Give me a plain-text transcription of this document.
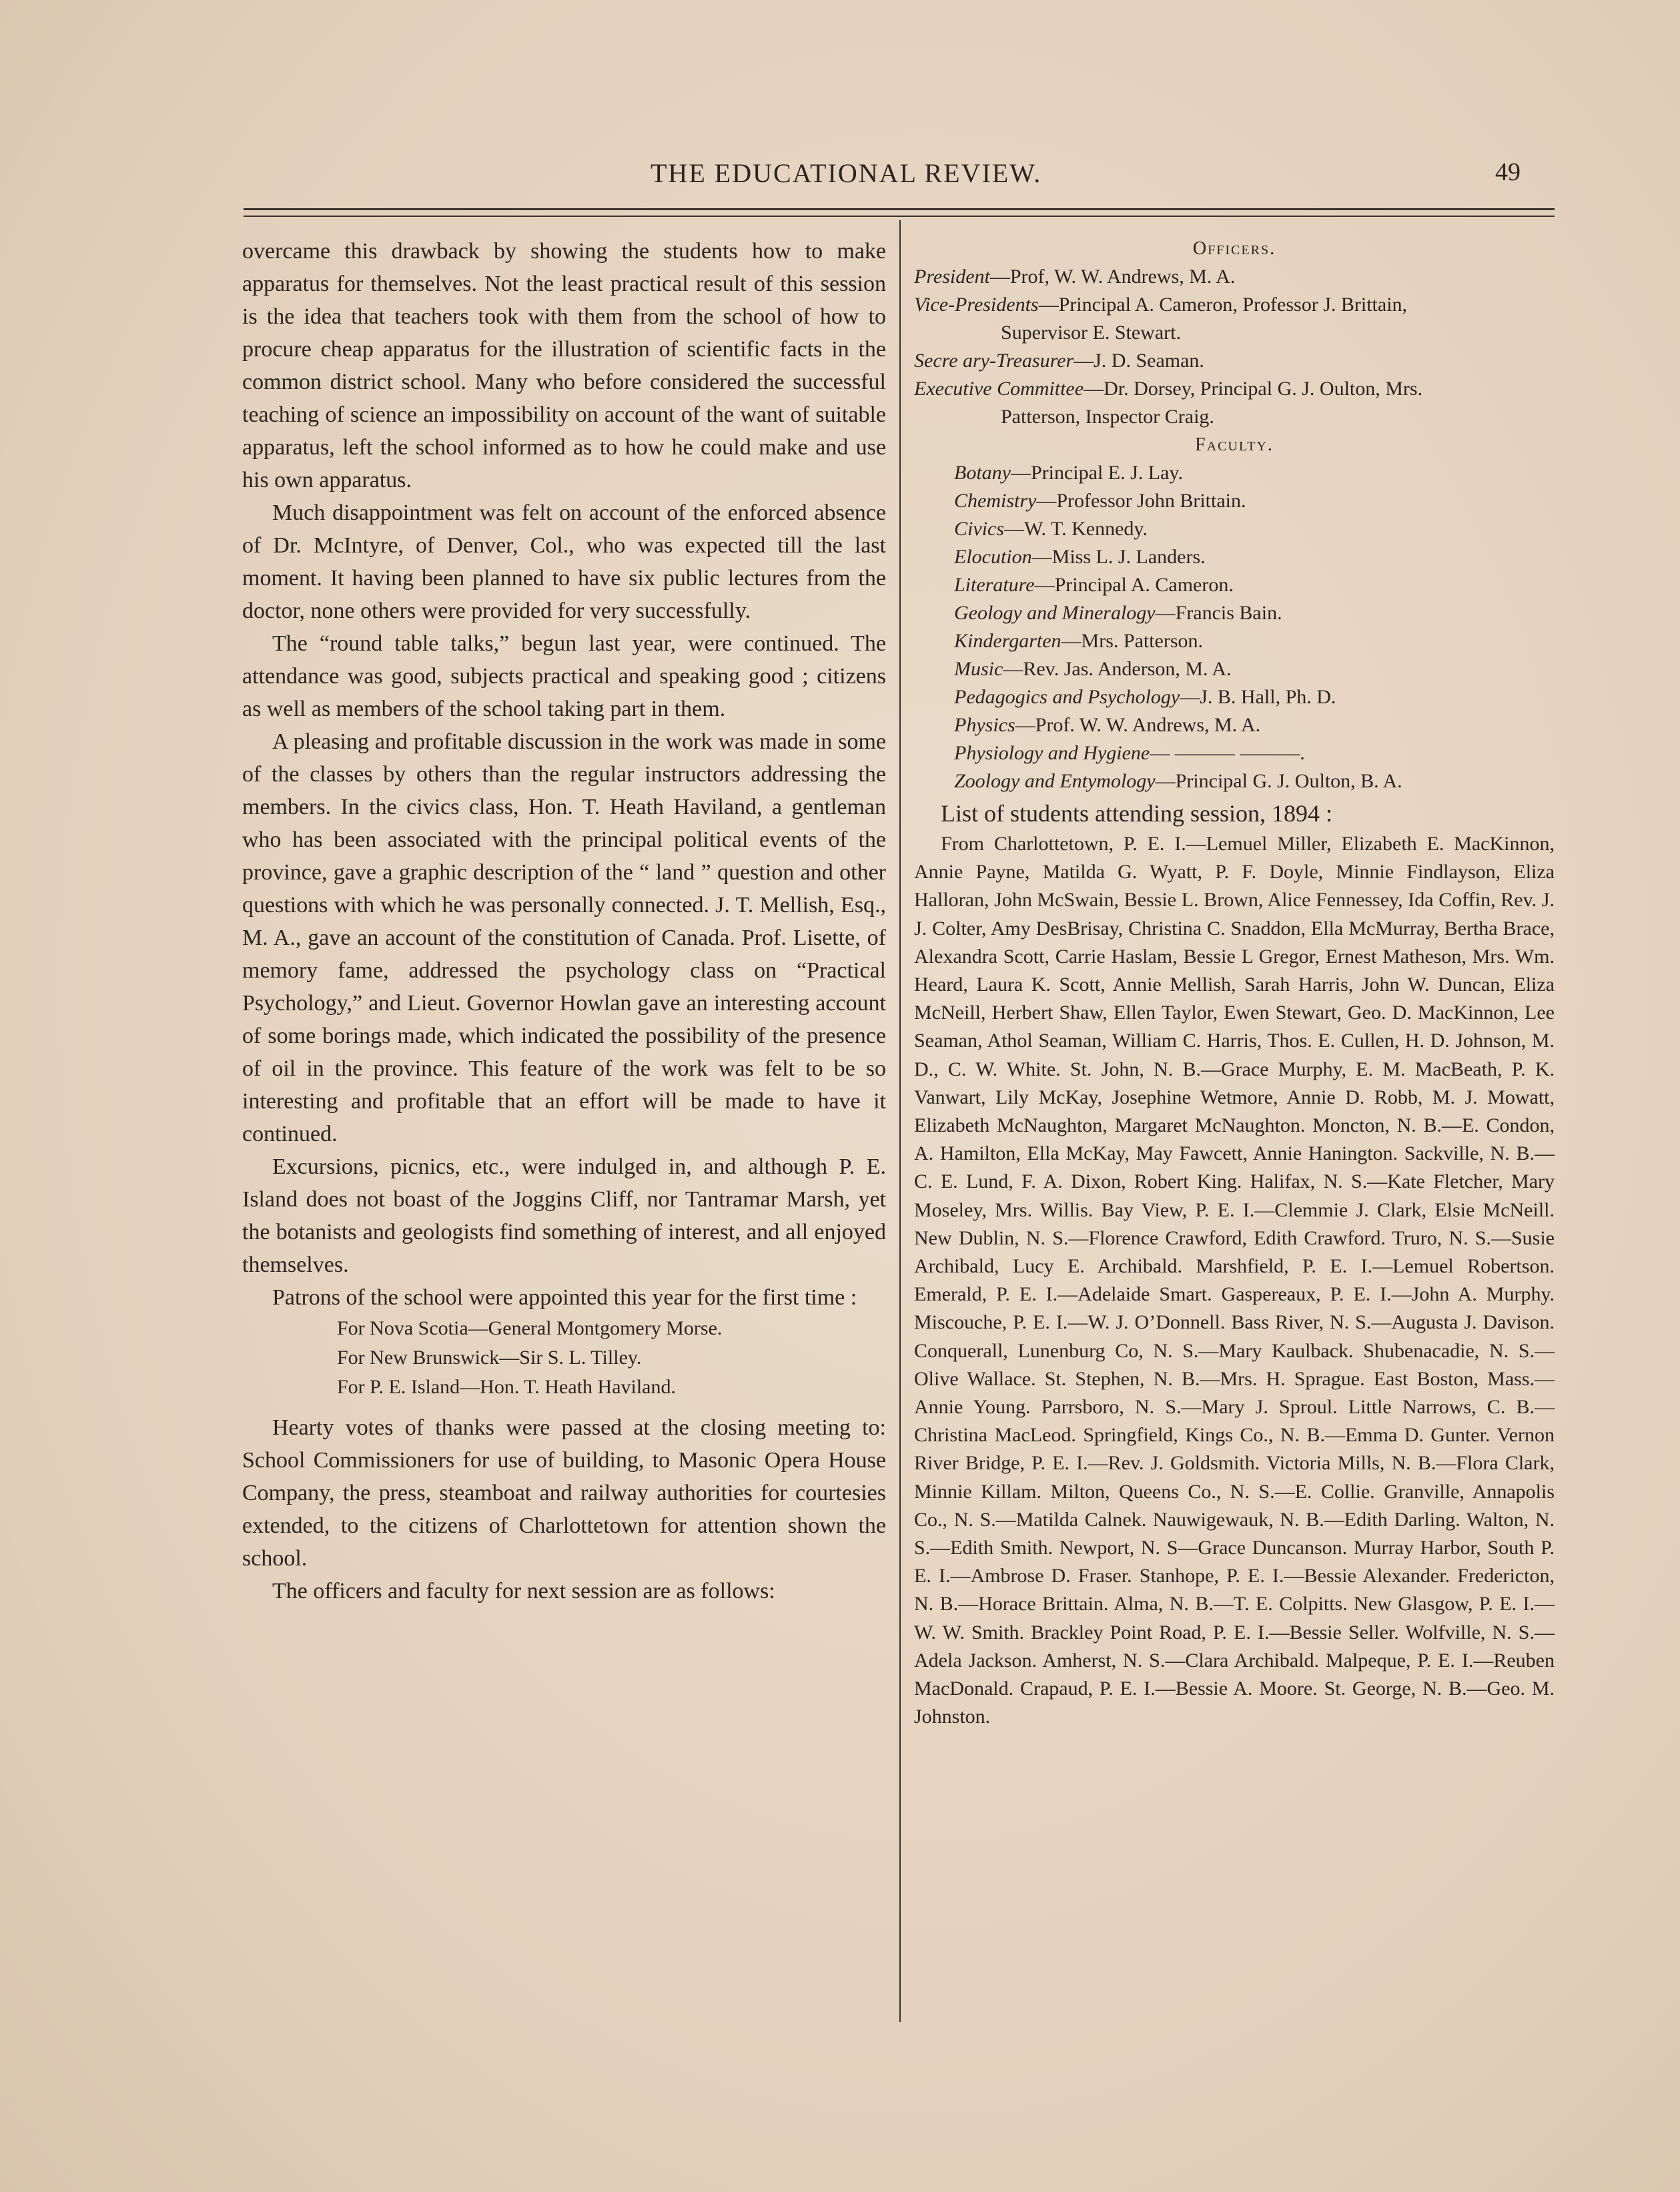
THE EDUCATIONAL REVIEW.	49

overcame this drawback by showing the students how to make apparatus for themselves. Not the least practical result of this session is the idea that teachers took with them from the school of how to procure cheap apparatus for the illustration of scientific facts in the common district school. Many who before considered the successful teaching of science an impossibility on account of the want of suitable apparatus, left the school informed as to how he could make and use his own apparatus.

Much disappointment was felt on account of the enforced absence of Dr. McIntyre, of Denver, Col., who was expected till the last moment. It having been planned to have six public lectures from the doctor, none others were provided for very successfully.

The “round table talks,” begun last year, were continued. The attendance was good, subjects practical and speaking good ; citizens as well as members of the school taking part in them.

A pleasing and profitable discussion in the work was made in some of the classes by others than the regular instructors addressing the members. In the civics class, Hon. T. Heath Haviland, a gentleman who has been associated with the principal political events of the province, gave a graphic description of the “ land ” question and other questions with which he was personally connected. J. T. Mellish, Esq., M. A., gave an account of the constitution of Canada. Prof. Lisette, of memory fame, addressed the psychology class on “Practical Psychology,” and Lieut. Governor Howlan gave an interesting account of some borings made, which indicated the possibility of the presence of oil in the province. This feature of the work was felt to be so interesting and profitable that an effort will be made to have it continued.

Excursions, picnics, etc., were indulged in, and although P. E. Island does not boast of the Joggins Cliff, nor Tantramar Marsh, yet the botanists and geologists find something of interest, and all enjoyed themselves.

Patrons of the school were appointed this year for the first time :

For Nova Scotia—General Montgomery Morse.
For New Brunswick—Sir S. L. Tilley.
For P. E. Island—Hon. T. Heath Haviland.

Hearty votes of thanks were passed at the closing meeting to: School Commissioners for use of building, to Masonic Opera House Company, the press, steamboat and railway authorities for courtesies extended, to the citizens of Charlottetown for attention shown the school.

The officers and faculty for next session are as follows:

Officers.
President—Prof, W. W. Andrews, M. A.
Vice-Presidents—Principal A. Cameron, Professor J. Brittain,
Supervisor E. Stewart.
Secre ary-Treasurer—J. D. Seaman.
Executive Committee—Dr. Dorsey, Principal G. J. Oulton, Mrs.
Patterson, Inspector Craig.
Faculty.
Botany—Principal E. J. Lay.
Chemistry—Professor John Brittain.
Civics—W. T. Kennedy.
Elocution—Miss L. J. Landers.
Literature—Principal A. Cameron.
Geology and Mineralogy—Francis Bain.
Kindergarten—Mrs. Patterson.
Music—Rev. Jas. Anderson, M. A.
Pedagogics and Psychology—J. B. Hall, Ph. D.
Physics—Prof. W. W. Andrews, M. A.
Physiology and Hygiene— ——— ———.
Zoology and Entymology—Principal G. J. Oulton, B. A.
List of students attending session, 1894 :

From Charlottetown, P. E. I.—Lemuel Miller, Elizabeth E. MacKinnon, Annie Payne, Matilda G. Wyatt, P. F. Doyle, Minnie Findlayson, Eliza Halloran, John McSwain, Bessie L. Brown, Alice Fennessey, Ida Coffin, Rev. J. J. Colter, Amy DesBrisay, Christina C. Snaddon, Ella McMurray, Bertha Brace, Alexandra Scott, Carrie Haslam, Bessie L Gregor, Ernest Matheson, Mrs. Wm. Heard, Laura K. Scott, Annie Mellish, Sarah Harris, John W. Duncan, Eliza McNeill, Herbert Shaw, Ellen Taylor, Ewen Stewart, Geo. D. MacKinnon, Lee Seaman, Athol Seaman, William C. Harris, Thos. E. Cullen, H. D. Johnson, M. D., C. W. White. St. John, N. B.—Grace Murphy, E. M. MacBeath, P. K. Vanwart, Lily McKay, Josephine Wetmore, Annie D. Robb, M. J. Mowatt, Elizabeth McNaughton, Margaret McNaughton. Moncton, N. B.—E. Condon, A. Hamilton, Ella McKay, May Fawcett, Annie Hanington. Sackville, N. B.—C. E. Lund, F. A. Dixon, Robert King. Halifax, N. S.—Kate Fletcher, Mary Moseley, Mrs. Willis. Bay View, P. E. I.—Clemmie J. Clark, Elsie McNeill. New Dublin, N. S.—Florence Crawford, Edith Crawford. Truro, N. S.—Susie Archibald, Lucy E. Archibald. Marshfield, P. E. I.—Lemuel Robertson. Emerald, P. E. I.—Adelaide Smart. Gaspereaux, P. E. I.—John A. Murphy. Miscouche, P. E. I.—W. J. O’Donnell. Bass River, N. S.—Augusta J. Davison. Conquerall, Lunenburg Co, N. S.—Mary Kaulback. Shubenacadie, N. S.—Olive Wallace. St. Stephen, N. B.—Mrs. H. Sprague. East Boston, Mass.—Annie Young. Parrsboro, N. S.—Mary J. Sproul. Little Narrows, C. B.—Christina MacLeod. Springfield, Kings Co., N. B.—Emma D. Gunter. Vernon River Bridge, P. E. I.—Rev. J. Goldsmith. Victoria Mills, N. B.—Flora Clark, Minnie Killam. Milton, Queens Co., N. S.—E. Collie. Granville, Annapolis Co., N. S.—Matilda Calnek. Nauwigewauk, N. B.—Edith Darling. Walton, N. S.—Edith Smith. Newport, N. S—Grace Duncanson. Murray Harbor, South P. E. I.—Ambrose D. Fraser. Stanhope, P. E. I.—Bessie Alexander. Fredericton, N. B.—Horace Brittain. Alma, N. B.—T. E. Colpitts. New Glasgow, P. E. I.—W. W. Smith. Brackley Point Road, P. E. I.—Bessie Seller. Wolfville, N. S.—Adela Jackson. Amherst, N. S.—Clara Archibald. Malpeque, P. E. I.—Reuben MacDonald. Crapaud, P. E. I.—Bessie A. Moore. St. George, N. B.—Geo. M. Johnston.
